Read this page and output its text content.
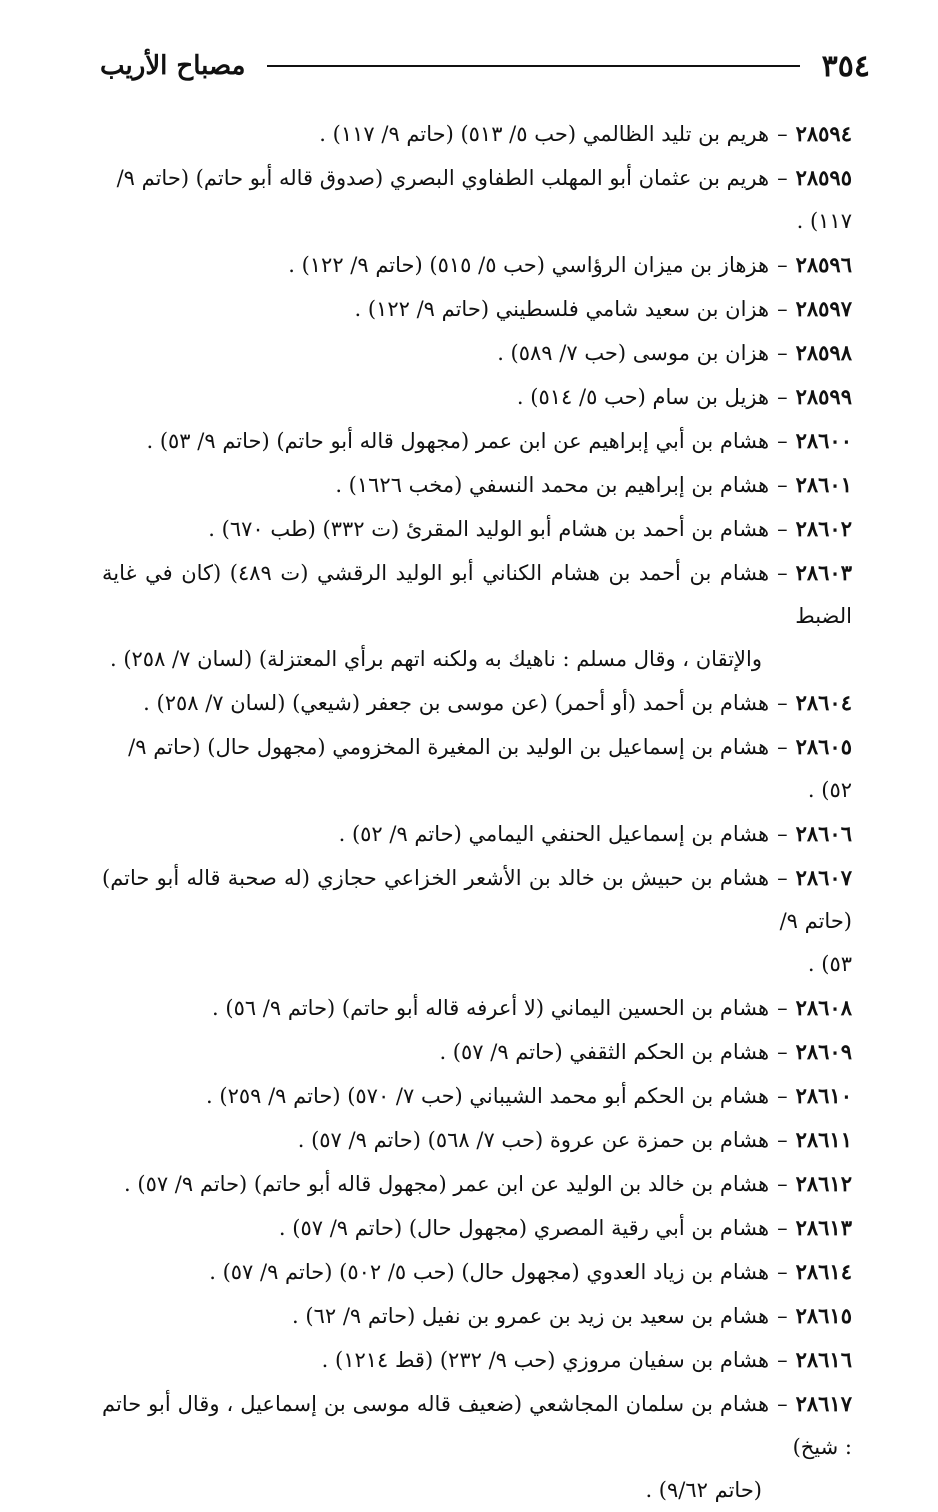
٣٥٤
مصباح الأريب

٢٨٥٩٤–هريم بن تليد الظالمي (حب ٥/ ٥١٣) (حاتم ٩/ ١١٧) .

٢٨٥٩٥–هريم بن عثمان أبو المهلب الطفاوي البصري (صدوق قاله أبو حاتم) (حاتم ٩/ ١١٧) .

٢٨٥٩٦–هزهاز بن ميزان الرؤاسي (حب ٥/ ٥١٥) (حاتم ٩/ ١٢٢) .

٢٨٥٩٧–هزان بن سعيد شامي فلسطيني (حاتم ٩/ ١٢٢) .

٢٨٥٩٨–هزان بن موسى (حب ٧/ ٥٨٩) .

٢٨٥٩٩–هزيل بن سام (حب ٥/ ٥١٤) .

٢٨٦٠٠–هشام بن أبي إبراهيم عن ابن عمر (مجهول قاله أبو حاتم) (حاتم ٩/ ٥٣) .

٢٨٦٠١–هشام بن إبراهيم بن محمد النسفي (مخب ١٦٢٦) .

٢٨٦٠٢–هشام بن أحمد بن هشام أبو الوليد المقرئ (ت ٣٣٢) (طب ٦٧٠) .

٢٨٦٠٣–هشام بن أحمد بن هشام الكناني أبو الوليد الرقشي (ت ٤٨٩) (كان في غاية الضبط

والإتقان ، وقال مسلم : ناهيك به ولكنه اتهم برأي المعتزلة) (لسان ٧/ ٢٥٨) .

٢٨٦٠٤–هشام بن أحمد (أو أحمر) (عن موسى بن جعفر (شيعي) (لسان ٧/ ٢٥٨) .

٢٨٦٠٥–هشام بن إسماعيل بن الوليد بن المغيرة المخزومي (مجهول حال) (حاتم ٩/ ٥٢) .

٢٨٦٠٦–هشام بن إسماعيل الحنفي اليمامي (حاتم ٩/ ٥٢) .

٢٨٦٠٧–هشام بن حبيش بن خالد بن الأشعر الخزاعي حجازي (له صحبة قاله أبو حاتم) (حاتم ٩/

٥٣) .

٢٨٦٠٨–هشام بن الحسين اليماني (لا أعرفه قاله أبو حاتم) (حاتم ٩/ ٥٦) .

٢٨٦٠٩–هشام بن الحكم الثقفي (حاتم ٩/ ٥٧) .

٢٨٦١٠–هشام بن الحكم أبو محمد الشيباني (حب ٧/ ٥٧٠) (حاتم ٩/ ٢٥٩) .

٢٨٦١١–هشام بن حمزة عن عروة (حب ٧/ ٥٦٨) (حاتم ٩/ ٥٧) .

٢٨٦١٢–هشام بن خالد بن الوليد عن ابن عمر (مجهول قاله أبو حاتم) (حاتم ٩/ ٥٧) .

٢٨٦١٣–هشام بن أبي رقية المصري (مجهول حال) (حاتم ٩/ ٥٧) .

٢٨٦١٤–هشام بن زياد العدوي (مجهول حال) (حب ٥/ ٥٠٢) (حاتم ٩/ ٥٧) .

٢٨٦١٥–هشام بن سعيد بن زيد بن عمرو بن نفيل (حاتم ٩/ ٦٢) .

٢٨٦١٦–هشام بن سفيان مروزي (حب ٩/ ٢٣٢) (قط ١٢١٤) .

٢٨٦١٧–هشام بن سلمان المجاشعي (ضعيف قاله موسى بن إسماعيل ، وقال أبو حاتم : شيخ)

(حاتم ٩/٦٢) .
